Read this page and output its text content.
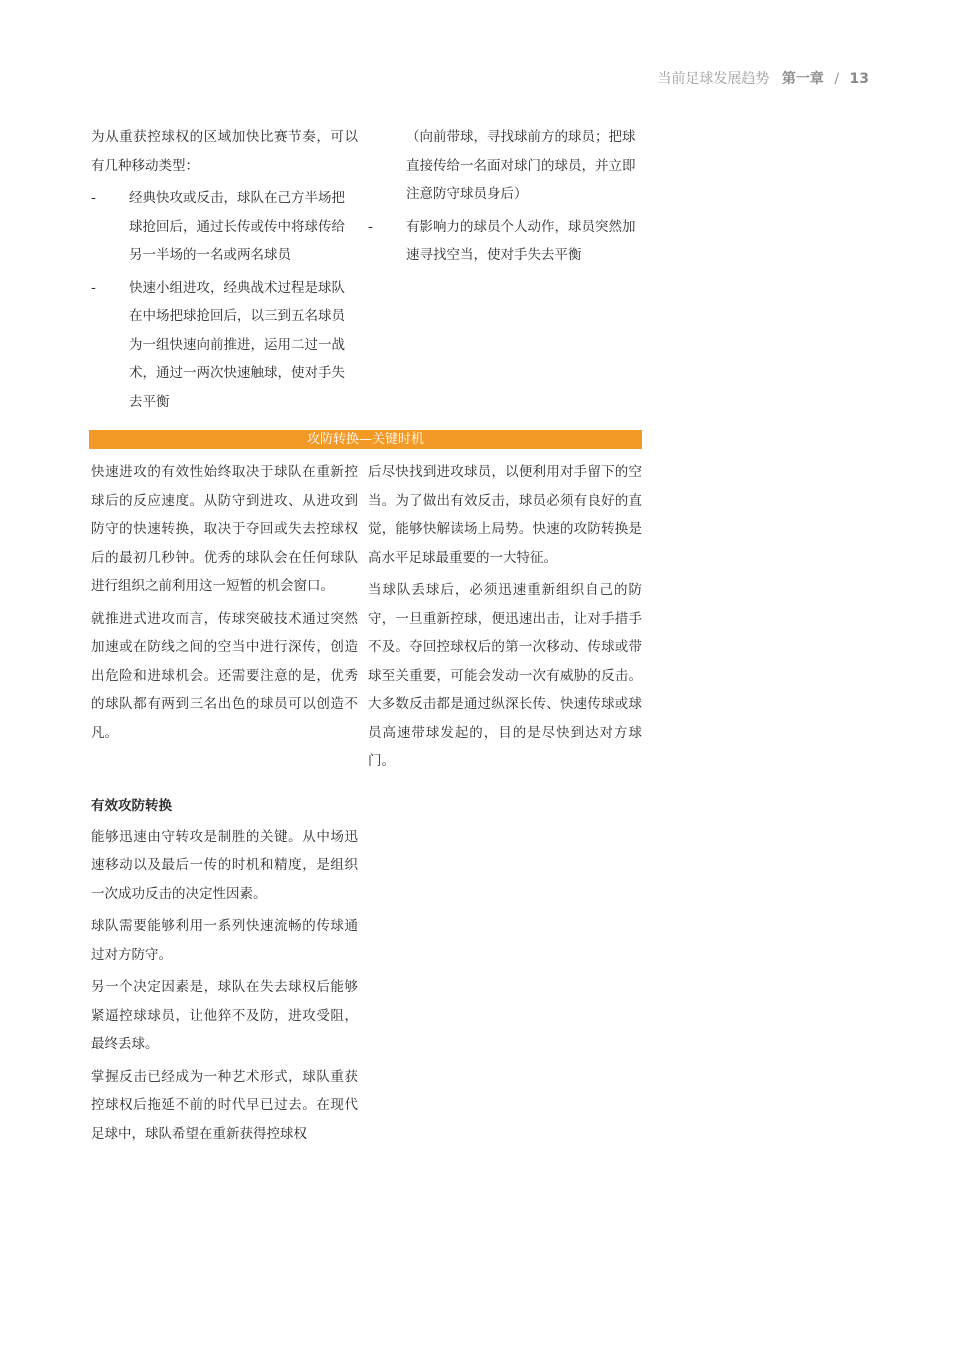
当前足球发展趋势 第一章 / 13

为从重获控球权的区域加快比赛节奏，可以有几种移动类型：

-	经典快攻或反击，球队在己方半场把球抢回后，通过长传或传中将球传给另一半场的一名或两名球员
-	快速小组进攻，经典战术过程是球队在中场把球抢回后，以三到五名球员为一组快速向前推进，运用二过一战术，通过一两次快速触球，使对手失去平衡
（向前带球，寻找球前方的球员；把球直接传给一名面对球门的球员，并立即注意防守球员身后）
-	有影响力的球员个人动作，球员突然加速寻找空当，使对手失去平衡
攻防转换—关键时机

快速进攻的有效性始终取决于球队在重新控球后的反应速度。从防守到进攻、从进攻到防守的快速转换，取决于夺回或失去控球权后的最初几秒钟。优秀的球队会在任何球队进行组织之前利用这一短暂的机会窗口。

就推进式进攻而言，传球突破技术通过突然加速或在防线之间的空当中进行深传，创造出危险和进球机会。还需要注意的是，优秀的球队都有两到三名出色的球员可以创造不凡。

后尽快找到进攻球员，以便利用对手留下的空当。为了做出有效反击，球员必须有良好的直觉，能够快解读场上局势。快速的攻防转换是高水平足球最重要的一大特征。

当球队丢球后，必须迅速重新组织自己的防守，一旦重新控球，便迅速出击，让对手措手不及。夺回控球权后的第一次移动、传球或带球至关重要，可能会发动一次有威胁的反击。大多数反击都是通过纵深长传、快速传球或球员高速带球发起的，目的是尽快到达对方球门。

有效攻防转换

能够迅速由守转攻是制胜的关键。从中场迅速移动以及最后一传的时机和精度，是组织一次成功反击的决定性因素。

球队需要能够利用一系列快速流畅的传球通过对方防守。

另一个决定因素是，球队在失去球权后能够紧逼控球球员，让他猝不及防，进攻受阻，最终丢球。

掌握反击已经成为一种艺术形式，球队重获控球权后拖延不前的时代早已过去。在现代足球中，球队希望在重新获得控球权
